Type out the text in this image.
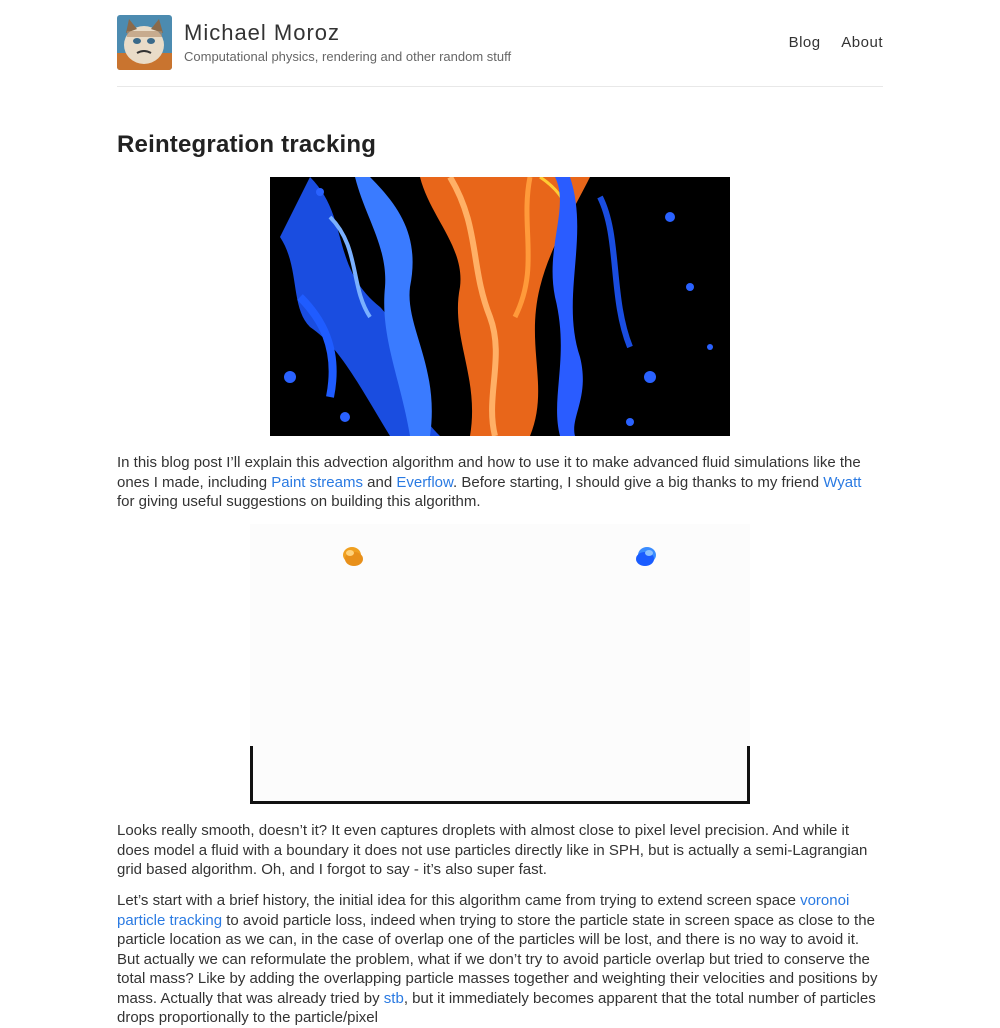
Michael Moroz
Computational physics, rendering and other random stuff
Blog About
Reintegration tracking

In this blog post I’ll explain this advection algorithm and how to use it to make advanced fluid simulations like the ones I made, including Paint streams and Everflow. Before starting, I should give a big thanks to my friend Wyatt for giving useful suggestions on building this algorithm.

Looks really smooth, doesn’t it? It even captures droplets with almost close to pixel level precision. And while it does model a fluid with a boundary it does not use particles directly like in SPH, but is actually a semi-Lagrangian grid based algorithm. Oh, and I forgot to say - it’s also super fast.

Let’s start with a brief history, the initial idea for this algorithm came from trying to extend screen space voronoi particle tracking to avoid particle loss, indeed when trying to store the particle state in screen space as close to the particle location as we can, in the case of overlap one of the particles will be lost, and there is no way to avoid it. But actually we can reformulate the problem, what if we don’t try to avoid particle overlap but tried to conserve the total mass? Like by adding the overlapping particle masses together and weighting their velocities and positions by mass. Actually that was already tried by stb, but it immediately becomes apparent that the total number of particles drops proportionally to the particle/pixel
